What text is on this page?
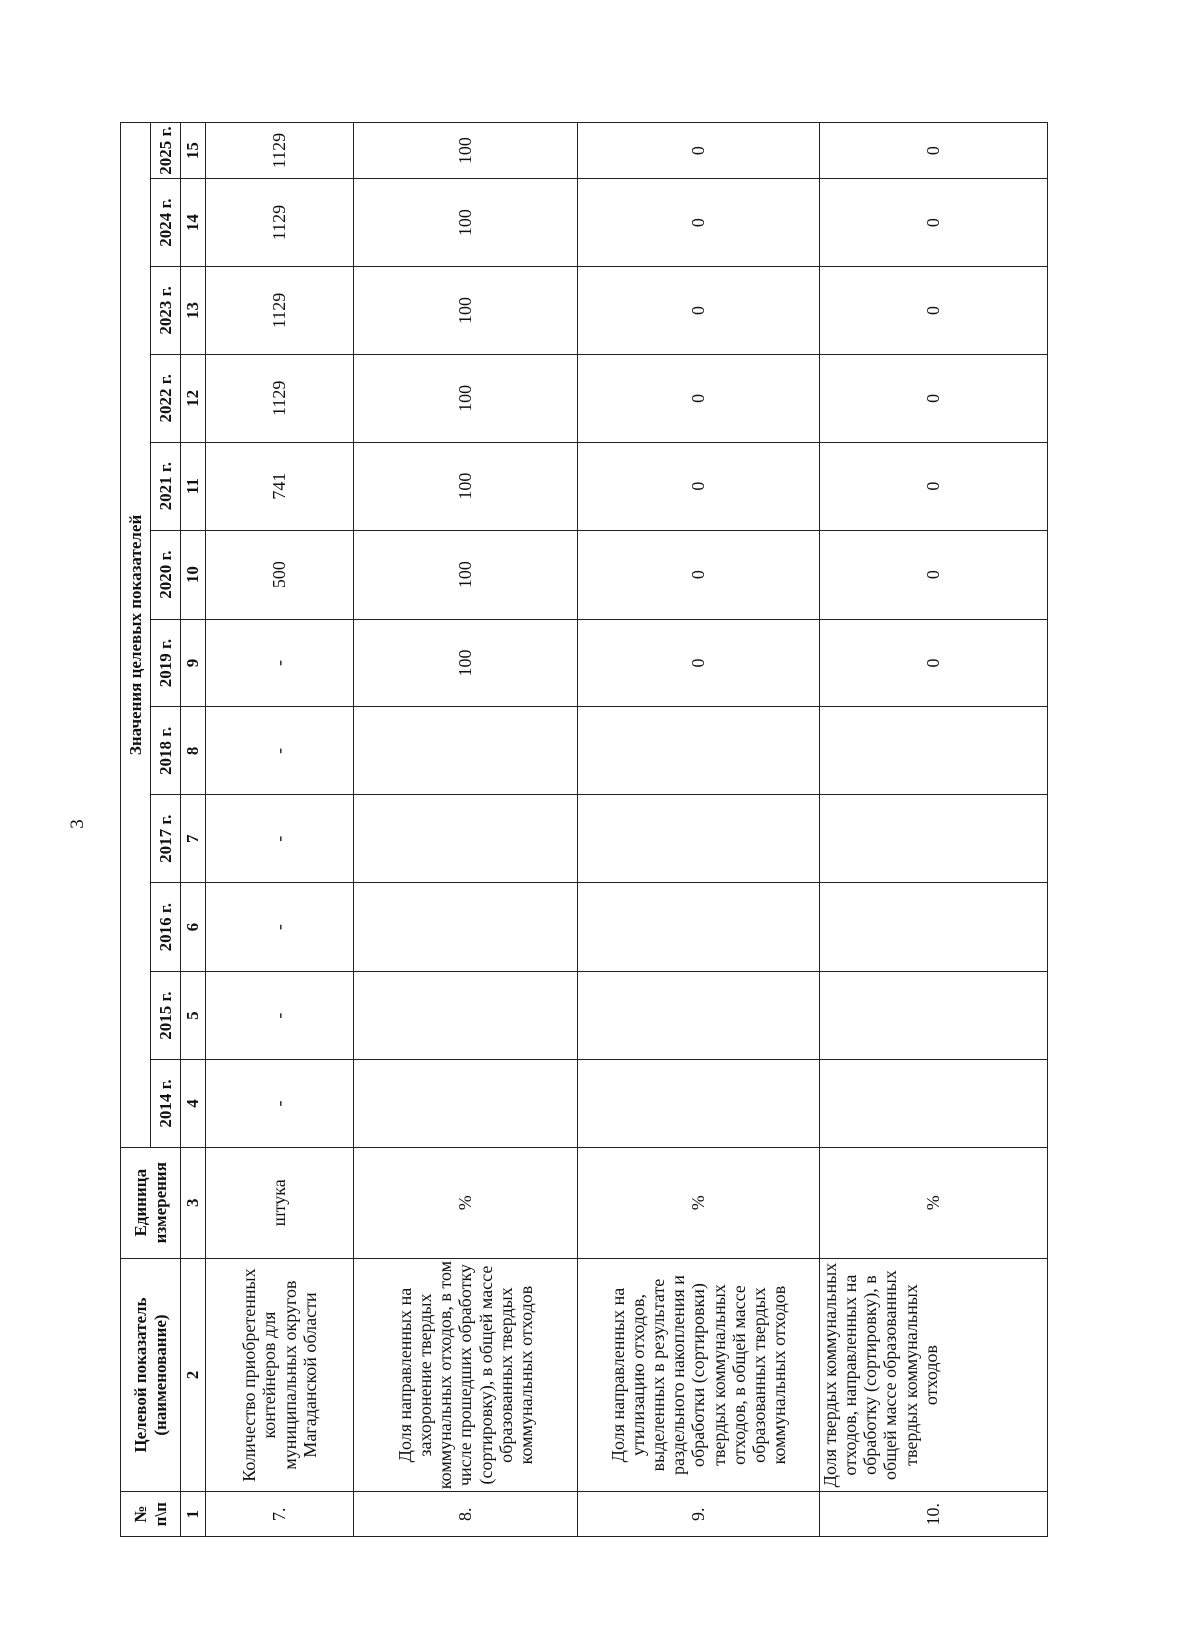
3
№ п\п	Целевой показатель (наименование)	Единица измерения	Значения целевых показателей											
			2014 г.	2015 г.	2016 г.	2017 г.	2018 г.	2019 г.	2020 г.	2021 г.	2022 г.	2023 г.	2024 г.	2025 г.
1	2	3	4	5	6	7	8	9	10	11	12	13	14	15
7.	Количество приобретенных контейнеров для муниципальных округов Магаданской области	штука	-	-	-	-	-	-	500	741	1129	1129	1129	1129
8.	Доля направленных на захоронение твердых коммунальных отходов, в том числе прошедших обработку (сортировку), в общей массе образованных твердых коммунальных отходов	%						100	100	100	100	100	100	100
9.	Доля направленных на утилизацию отходов, выделенных в результате раздельного накопления и обработки (сортировки) твердых коммунальных отходов, в общей массе образованных твердых коммунальных отходов	%						0	0	0	0	0	0	0
10.	Доля твердых коммунальных отходов, направленных на обработку (сортировку), в общей массе образованных твердых коммунальных отходов	%						0	0	0	0	0	0	0
